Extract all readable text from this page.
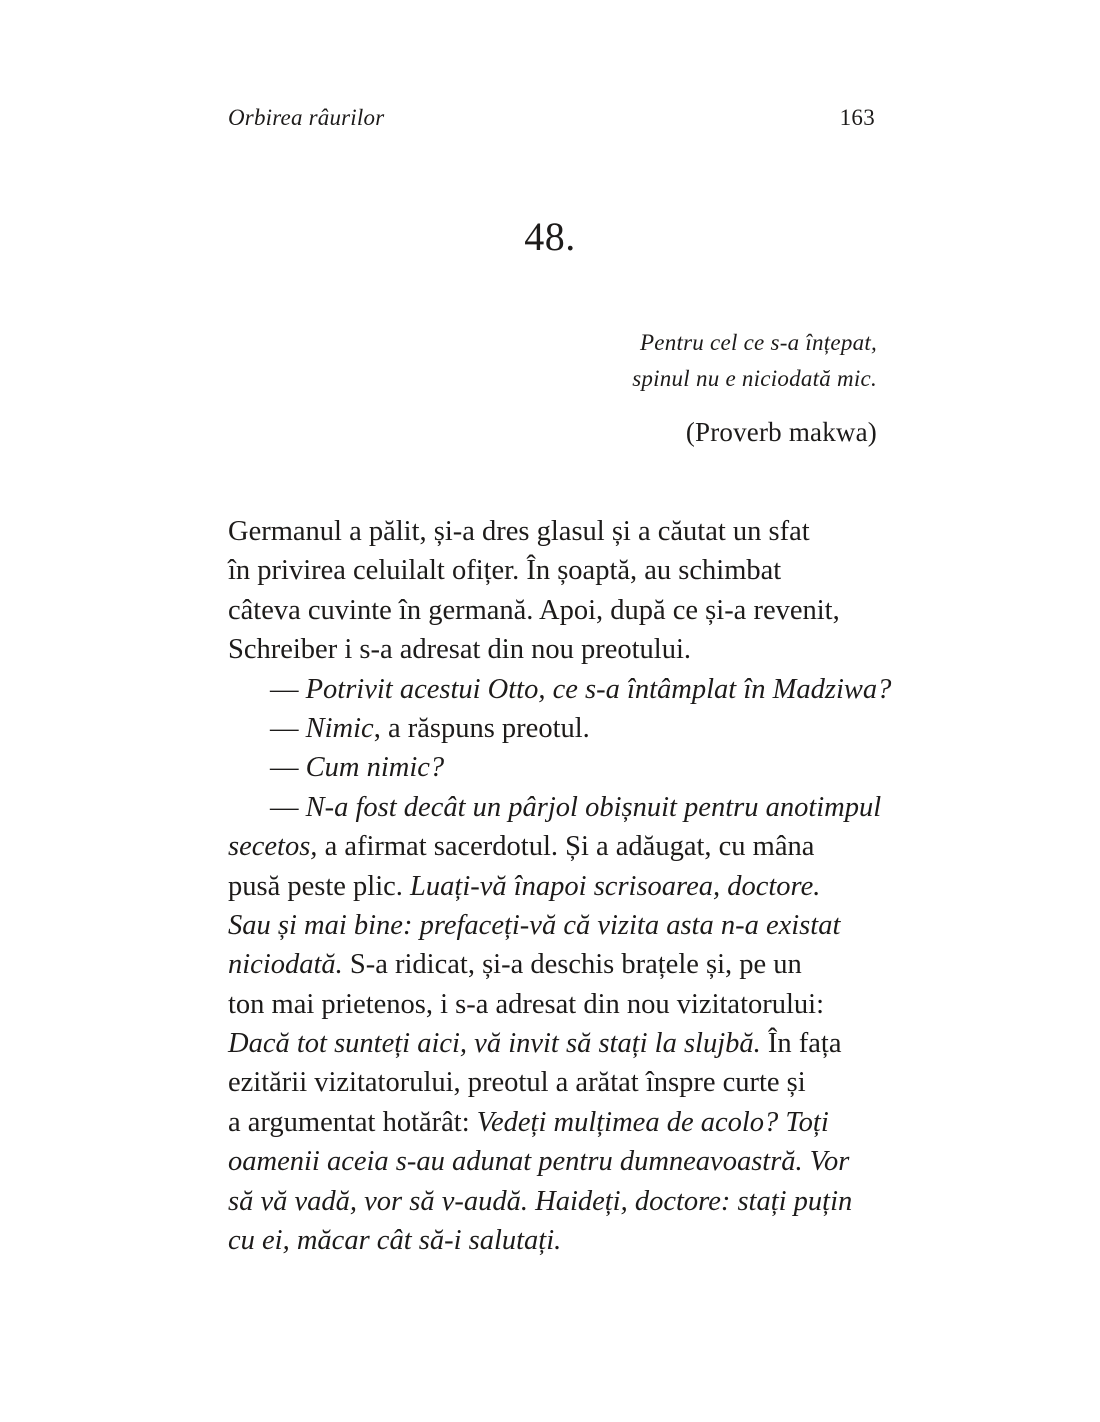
Orbirea râurilor	163
48.
Pentru cel ce s-a înțepat,
spinul nu e niciodată mic.
(Proverb makwa)
Germanul a pălit, și-a dres glasul și a căutat un sfat
în privirea celuilalt ofițer. În șoaptă, au schimbat
câteva cuvinte în germană. Apoi, după ce și-a revenit,
Schreiber i s-a adresat din nou preotului.
— Potrivit acestui Otto, ce s-a întâmplat în Madziwa?
— Nimic, a răspuns preotul.
— Cum nimic?
— N-a fost decât un pârjol obișnuit pentru anotimpul
secetos, a afirmat sacerdotul. Și a adăugat, cu mâna
pusă peste plic. Luați-vă înapoi scrisoarea, doctore.
Sau și mai bine: prefaceți-vă că vizita asta n-a existat
niciodată. S-a ridicat, și-a deschis brațele și, pe un
ton mai prietenos, i s-a adresat din nou vizitatorului:
Dacă tot sunteți aici, vă invit să stați la slujbă. În fața
ezitării vizitatorului, preotul a arătat înspre curte și
a argumentat hotărât: Vedeți mulțimea de acolo? Toți
oamenii aceia s-au adunat pentru dumneavoastră. Vor
să vă vadă, vor să v-audă. Haideți, doctore: stați puțin
cu ei, măcar cât să-i salutați.
